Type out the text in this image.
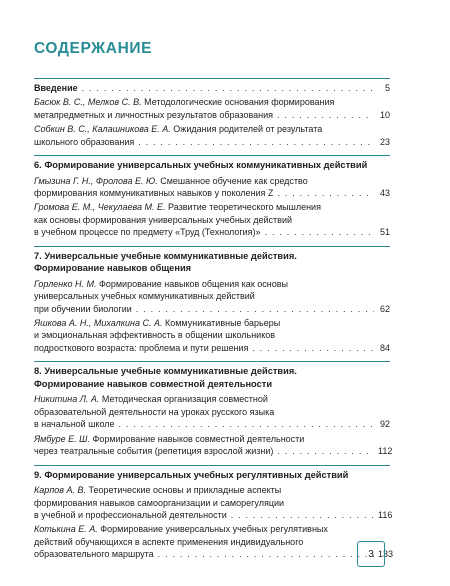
СОДЕРЖАНИЕ
Введение . . .	5
Басюк В. С., Мелков С. В. Методологические основания формирования
метапредметных и личностных результатов образования . . .	10
Собкин В. С., Калашникова Е. А. Ожидания родителей от результата
школьного образования . . .	23
6. Формирование универсальных учебных коммуникативных действий
Гмызина Г. Н., Фролова Е. Ю. Смешанное обучение как средство
формирования коммуникативных навыков у поколения Z . . .	43
Громова Е. М., Чекулаева М. Е. Развитие теоретического мышления
как основы формирования универсальных учебных действий
в учебном процессе по предмету «Труд (Технология)» . . .	51
7. Универсальные учебные коммуникативные действия.
Формирование навыков общения
Горленко Н. М. Формирование навыков общения как основы
универсальных учебных коммуникативных действий
при обучении биологии . . .	62
Яшкова А. Н., Михалкина С. А. Коммуникативные барьеры
и эмоциональная эффективность в общении школьников
подросткового возраста: проблема и пути решения . . .	84
8. Универсальные учебные коммуникативные действия.
Формирование навыков совместной деятельности
Никитина Л. А. Методическая организация совместной
образовательной деятельности на уроках русского языка
в начальной школе . . .	92
Ямбуре Е. Ш. Формирование навыков совместной деятельности
через театральные события (репетиция взрослой жизни) . . .	112
9. Формирование универсальных учебных регулятивных действий
Карпов А. В. Теоретические основы и прикладные аспекты
формирования навыков самоорганизации и саморегуляции
в учебной и профессиональной деятельности . . .	116
Котькина Е. А. Формирование универсальных учебных регулятивных
действий обучающихся в аспекте применения индивидуального
образовательного маршрута . . .	133
3
